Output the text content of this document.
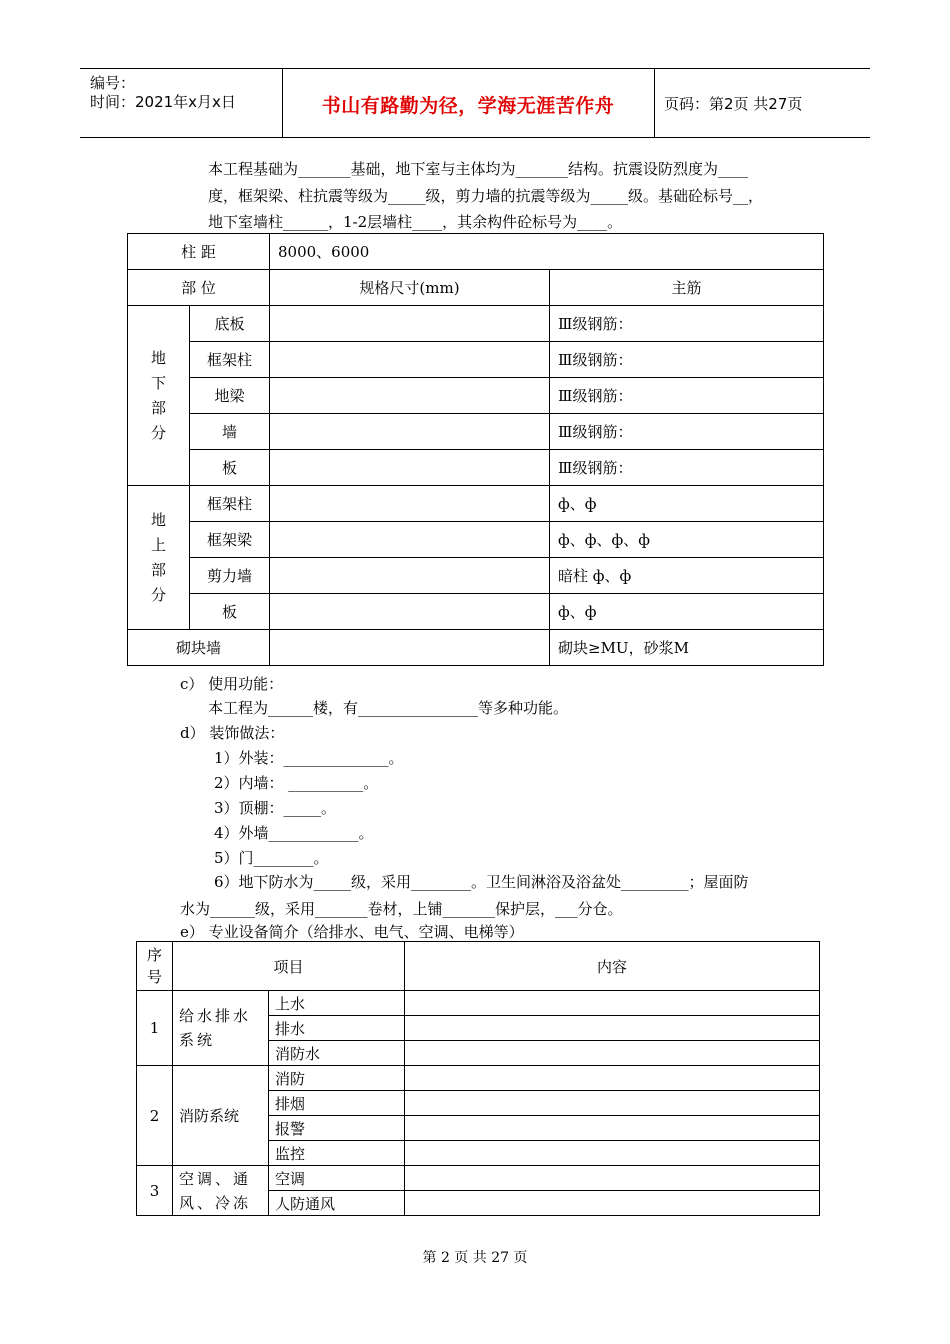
编号：
时间：2021年x月x日	书山有路勤为径，学海无涯苦作舟	页码：第2页 共27页
本工程基础为_______基础，地下室与主体均为_______结构。抗震设防烈度为____
度，框架梁、柱抗震等级为_____级，剪力墙的抗震等级为_____级。基础砼标号__，
地下室墙柱______，1-2层墙柱____，其余构件砼标号为____。
柱 距		8000、6000	
部 位		规格尺寸(mm)	主筋

地下部分	底板		Ⅲ级钢筋：
	框架柱		Ⅲ级钢筋：
	地梁		Ⅲ级钢筋：
	墙		Ⅲ级钢筋：
	板		Ⅲ级钢筋：

地上部分	框架柱		ф、ф
	框架梁		ф、ф、ф、ф
	剪力墙		暗柱 ф、ф
	板		ф、ф
砌块墙			砌块≥MU，砂浆M
c） 使用功能：
本工程为______楼，有________________等多种功能。
d） 装饰做法：
1）外装：______________。
2）内墙： __________。
3）顶棚：_____。
4）外墙____________。
5）门________。
6）地下防水为_____级，采用________。卫生间淋浴及浴盆处_________；屋面防
水为______级，采用_______卷材，上铺_______保护层，___分仓。
e） 专业设备简介（给排水、电气、空调、电梯等）
序号	项目		内容
1	给水排水系统	上水	
		排水	
		消防水	
2	消防系统	消防	
		排烟	
		报警	
		监控	
3	空调、通风、冷冻	空调	
		人防通风	
第 2 页 共 27 页
